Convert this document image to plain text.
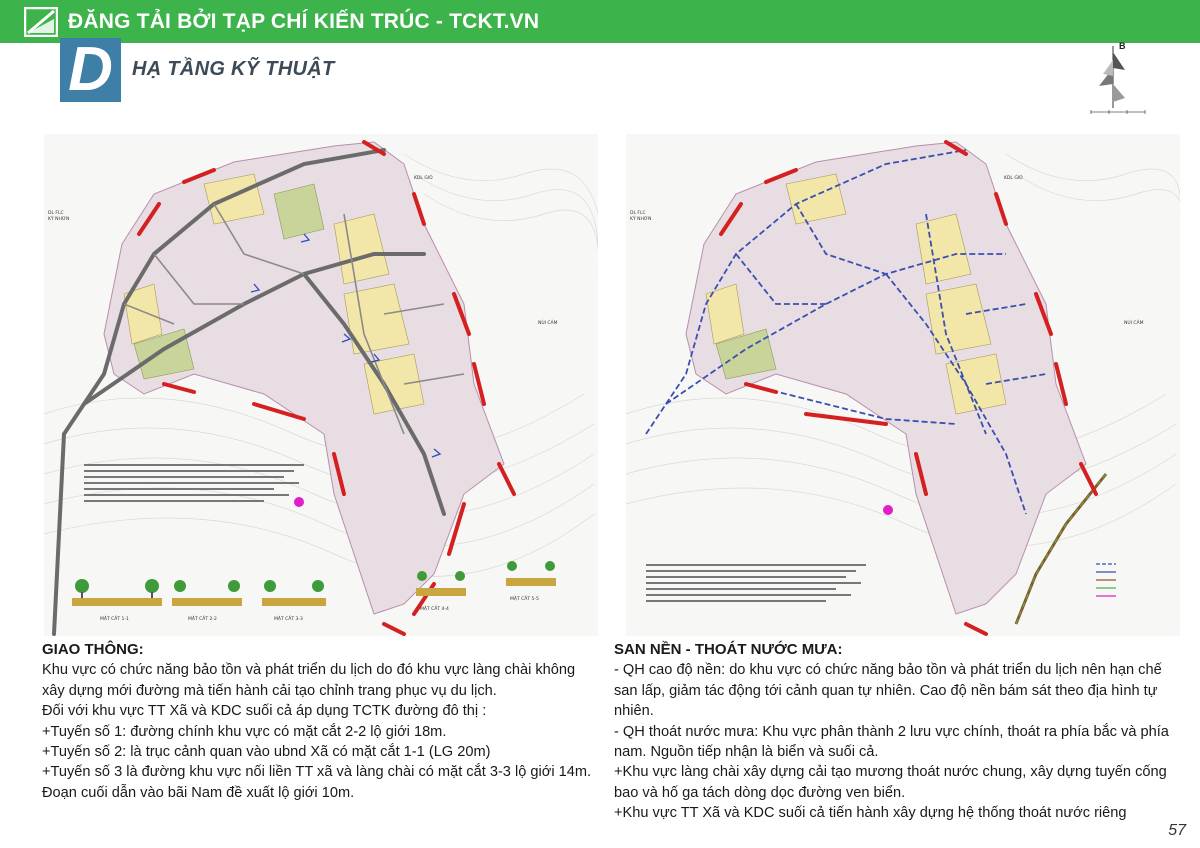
ĐĂNG TẢI BỞI TẠP CHÍ KIẾN TRÚC - TCKT.VN
D HẠ TẦNG KỸ THUẬT
B
KDL GIÓ
DL FLC
KỲ NHƠN
NÚI CẢM
MẶT CẮT 1-1	MẶT CẮT 2-2	MẶT CẮT 3-3
MẶT CẮT 4-4
MẶT CẮT 5-5
KDL GIÓ
DL FLC
KỲ NHƠN
NÚI CẢM
GIAO THÔNG:

Khu vực có chức năng bảo tồn và phát triển du lịch do đó khu vực làng chài không xây dựng mới đường mà tiến hành cải tạo chỉnh trang phục vụ du lịch.

Đối với khu vực TT Xã và KDC suối cả áp dụng TCTK đường đô thị :

+Tuyến số 1: đường chính khu vực có mặt cắt 2-2 lộ giới 18m.

+Tuyến số 2: là trục cảnh quan vào ubnd Xã có mặt cắt 1-1 (LG 20m)

+Tuyến số 3 là đường khu vực nối liền TT xã và làng chài có mặt cắt 3-3 lộ giới 14m. Đoạn cuối dẫn vào bãi Nam đề xuất lộ giới 10m.

SAN NỀN - THOÁT NƯỚC MƯA:

- QH cao độ nền: do khu vực có chức năng bảo tồn và phát triển du lịch nên hạn chế san lấp, giảm tác động tới cảnh quan tự nhiên. Cao độ nền bám sát theo địa hình tự nhiên.

- QH thoát nước mưa: Khu vực phân thành 2 lưu vực chính, thoát ra phía bắc và phía nam. Nguồn tiếp nhận là biển và suối cả.

+Khu vực làng chài xây dựng cải tạo mương thoát nước chung, xây dựng tuyến cống bao và hố ga tách dòng dọc đường ven biển.

+Khu vực TT Xã và KDC suối cả tiến hành xây dựng hệ thống thoát nước riêng

57
